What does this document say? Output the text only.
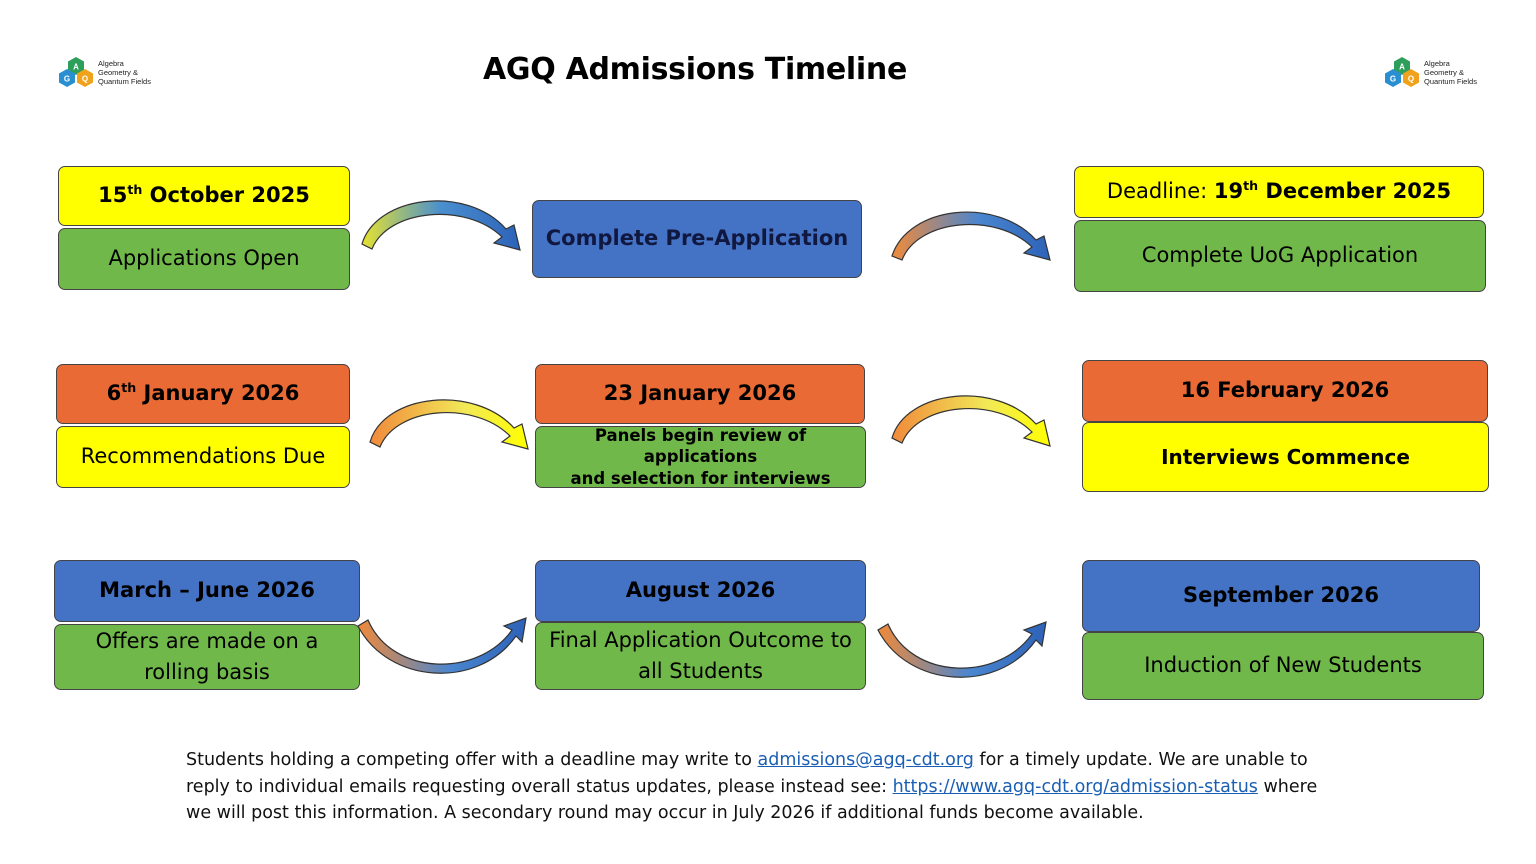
A
G Q
Algebra
Geometry &
Quantum Fields
A
G Q
Algebra
Geometry &
Quantum Fields
AGQ Admissions Timeline
15th October 2025
Applications Open
Complete Pre-Application
Deadline: 19th December 2025
Complete UoG Application
6th January 2026
Recommendations Due
23 January 2026
Panels begin review of applications
and selection for interviews
16 February 2026
Interviews Commence
March – June 2026
Offers are made on a
rolling basis
August 2026
Final Application Outcome to
all Students
September 2026
Induction of New Students
Students holding a competing offer with a deadline may write to admissions@agq-cdt.org for a timely update. We are unable to reply to individual emails requesting overall status updates, please instead see: https://www.agq-cdt.org/admission-status where we will post this information. A secondary round may occur in July 2026 if additional funds become available.
